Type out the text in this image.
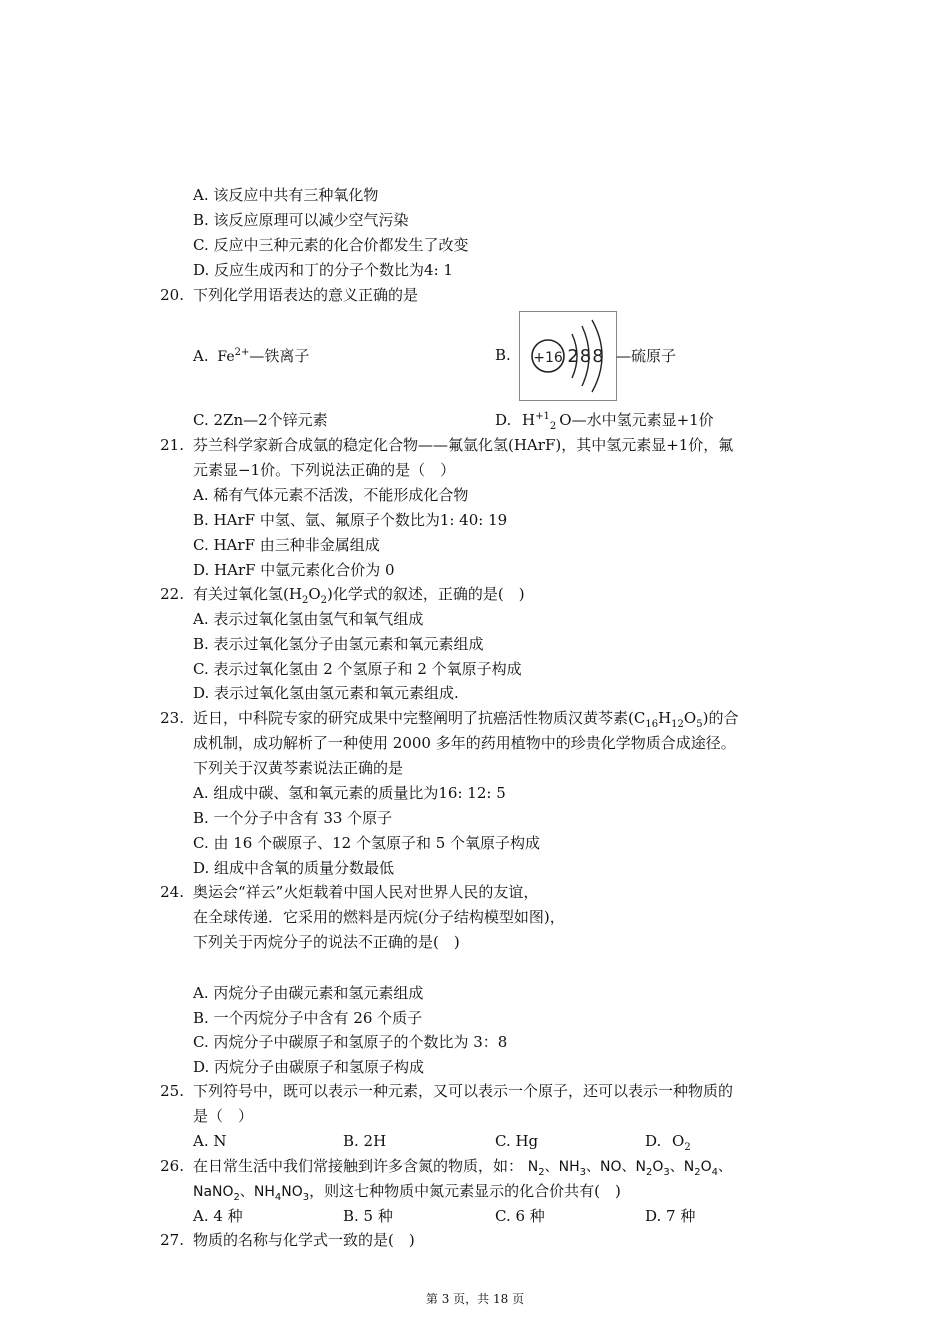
A. 该反应中共有三种氧化物
B. 该反应原理可以减少空气污染
C. 反应中三种元素的化合价都发生了改变
D. 反应生成丙和丁的分子个数比为4: 1
20. 下列化学用语表达的意义正确的是
A. $Fe^{2+}—$铁离子	B. +16 288 —硫原子
C. 2Zn—2个锌元素	D. $H^{+1}_2$ O—水中氢元素显+1价
21. 芬兰科学家新合成氩的稳定化合物——氟氩化氢(HArF)，其中氢元素显+1价，氟
元素显−1价。下列说法正确的是（　）
A. 稀有气体元素不活泼，不能形成化合物
B. HArF 中氢、氩、氟原子个数比为1: 40: 19
C. HArF 由三种非金属组成
D. HArF 中氩元素化合价为 0
22. 有关过氧化氢$(H_2O_2)$化学式的叙述，正确的是(　)
A. 表示过氧化氢由氢气和氧气组成
B. 表示过氧化氢分子由氢元素和氧元素组成
C. 表示过氧化氢由 2 个氢原子和 2 个氧原子构成
D. 表示过氧化氢由氢元素和氧元素组成.
23. 近日，中科院专家的研究成果中完整阐明了抗癌活性物质汉黄芩素$(C_{16}H_{12}O_5)$的合
成机制，成功解析了一种使用 2000 多年的药用植物中的珍贵化学物质合成途径。
下列关于汉黄芩素说法正确的是
A. 组成中碳、氢和氧元素的质量比为16: 12: 5
B. 一个分子中含有 33 个原子
C. 由 16 个碳原子、12 个氢原子和 5 个氧原子构成
D. 组成中含氧的质量分数最低
24. 奥运会“祥云”火炬载着中国人民对世界人民的友谊，
在全球传递．它采用的燃料是丙烷(分子结构模型如图)，
下列关于丙烷分子的说法不正确的是(　)
A. 丙烷分子由碳元素和氢元素组成
B. 一个丙烷分子中含有 26 个质子
C. 丙烷分子中碳原子和氢原子的个数比为 3：8
D. 丙烷分子由碳原子和氢原子构成
25. 下列符号中，既可以表示一种元素，又可以表示一个原子，还可以表示一种物质的
是（　）
A. N	B. 2H	C. Hg	D. $O_2$
26. 在日常生活中我们常接触到许多含氮的物质，如： $N_2$、$NH_3$、NO、$N_2O_3$、$N_2O_4$、
NaNO$_2$、$NH_4NO_3$，则这七种物质中氮元素显示的化合价共有(　)
A. 4 种	B. 5 种	C. 6 种	D. 7 种
27. 物质的名称与化学式一致的是(　)
第 3 页，共 18 页
